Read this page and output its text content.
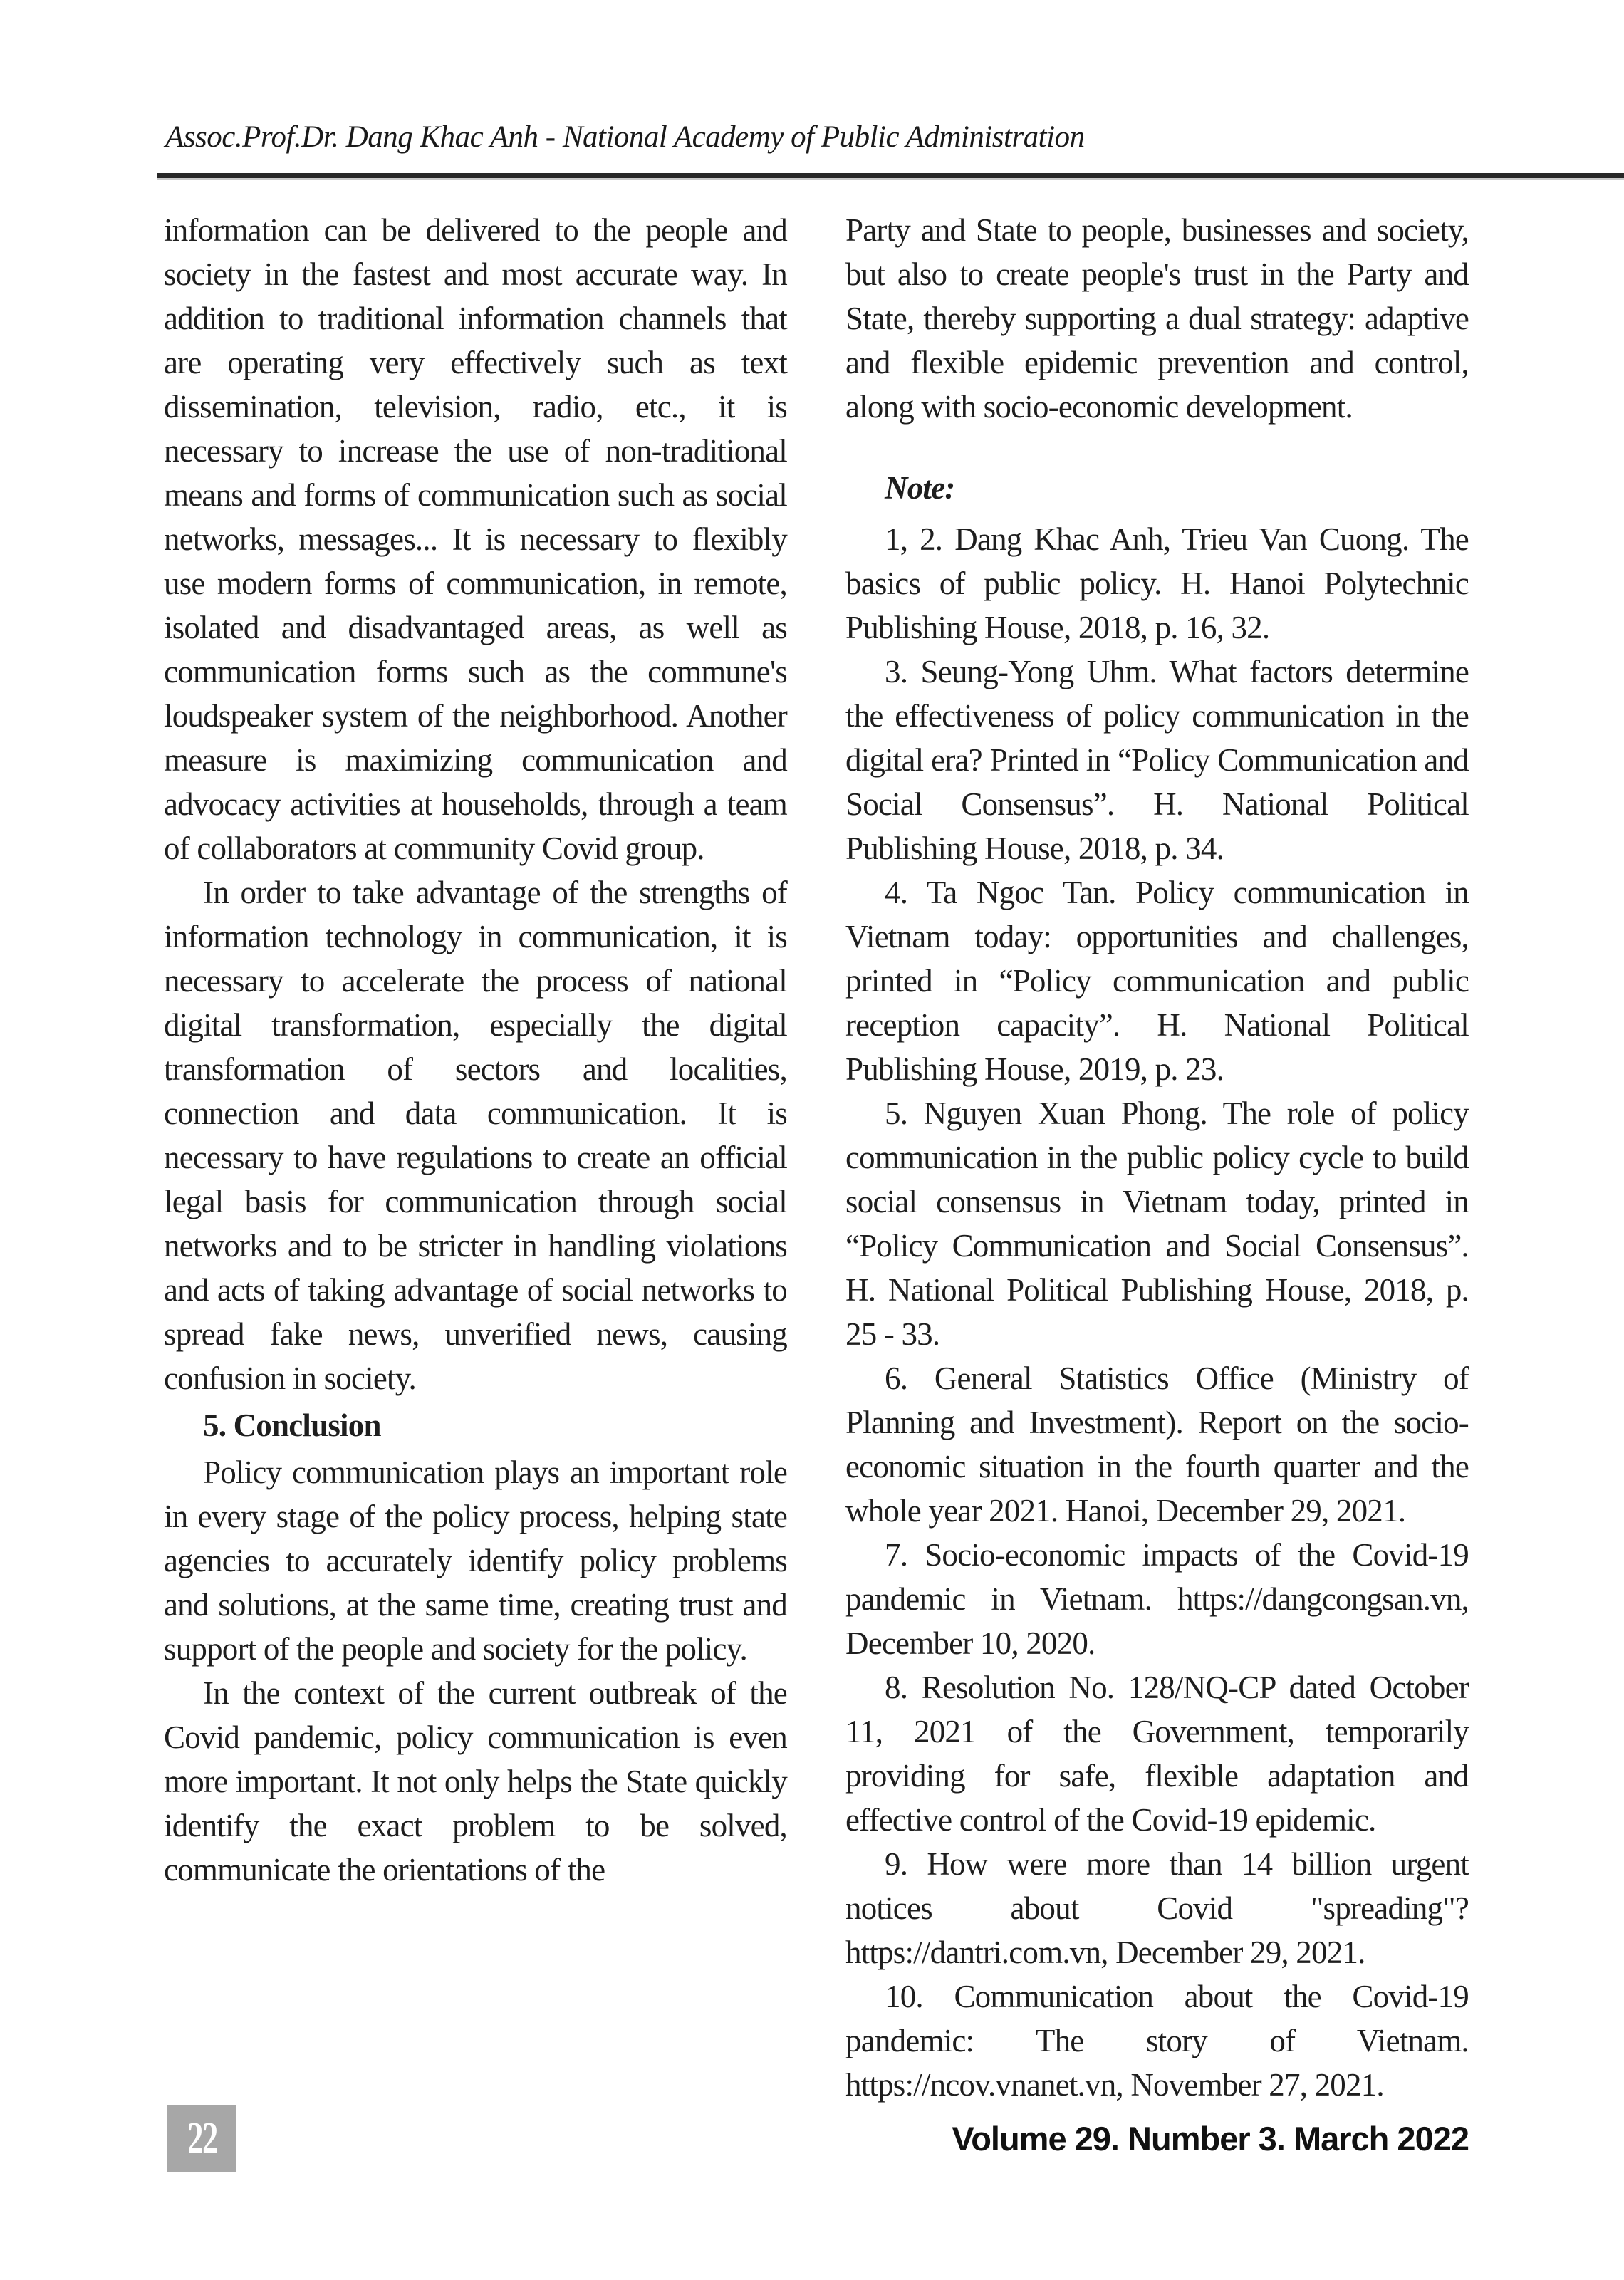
Assoc.Prof.Dr. Dang Khac Anh - National Academy of Public Administration

information can be delivered to the people and society in the fastest and most accurate way. In addition to traditional information channels that are operating very effectively such as text dissemination, television, radio, etc., it is necessary to increase the use of non-traditional means and forms of communication such as social networks, messages... It is necessary to flexibly use modern forms of communication, in remote, isolated and disadvantaged areas, as well as communication forms such as the commune's loudspeaker system of the neighborhood. Another measure is maximizing communication and advocacy activities at households, through a team of collaborators at community Covid group.

In order to take advantage of the strengths of information technology in communication, it is necessary to accelerate the process of national digital transformation, especially the digital transformation of sectors and localities, connection and data communication. It is necessary to have regulations to create an official legal basis for communication through social networks and to be stricter in handling violations and acts of taking advantage of social networks to spread fake news, unverified news, causing confusion in society.

5. Conclusion

Policy communication plays an important role in every stage of the policy process, helping state agencies to accurately identify policy problems and solutions, at the same time, creating trust and support of the people and society for the policy.

In the context of the current outbreak of the Covid pandemic, policy communication is even more important. It not only helps the State quickly identify the exact problem to be solved, communicate the orientations of the

Party and State to people, businesses and society, but also to create people's trust in the Party and State, thereby supporting a dual strategy: adaptive and flexible epidemic prevention and control, along with socio-economic development.

Note:

1, 2. Dang Khac Anh, Trieu Van Cuong. The basics of public policy. H. Hanoi Polytechnic Publishing House, 2018, p. 16, 32.

3. Seung-Yong Uhm. What factors determine the effectiveness of policy communication in the digital era? Printed in “Policy Communication and Social Consensus”. H. National Political Publishing House, 2018, p. 34.

4. Ta Ngoc Tan. Policy communication in Vietnam today: opportunities and challenges, printed in “Policy communication and public reception capacity”. H. National Political Publishing House, 2019, p. 23.

5. Nguyen Xuan Phong. The role of policy communication in the public policy cycle to build social consensus in Vietnam today, printed in “Policy Communication and Social Consensus”. H. National Political Publishing House, 2018, p. 25 - 33.

6. General Statistics Office (Ministry of Planning and Investment). Report on the socio-economic situation in the fourth quarter and the whole year 2021. Hanoi, December 29, 2021.

7. Socio-economic impacts of the Covid-19 pandemic in Vietnam. https://dangcongsan.vn, December 10, 2020.

8. Resolution No. 128/NQ-CP dated October 11, 2021 of the Government, temporarily providing for safe, flexible adaptation and effective control of the Covid-19 epidemic.

9. How were more than 14 billion urgent notices about Covid "spreading"? https://dantri.com.vn, December 29, 2021.

10. Communication about the Covid-19 pandemic: The story of Vietnam. https://ncov.vnanet.vn, November 27, 2021.

22	Volume 29. Number 3. March 2022
